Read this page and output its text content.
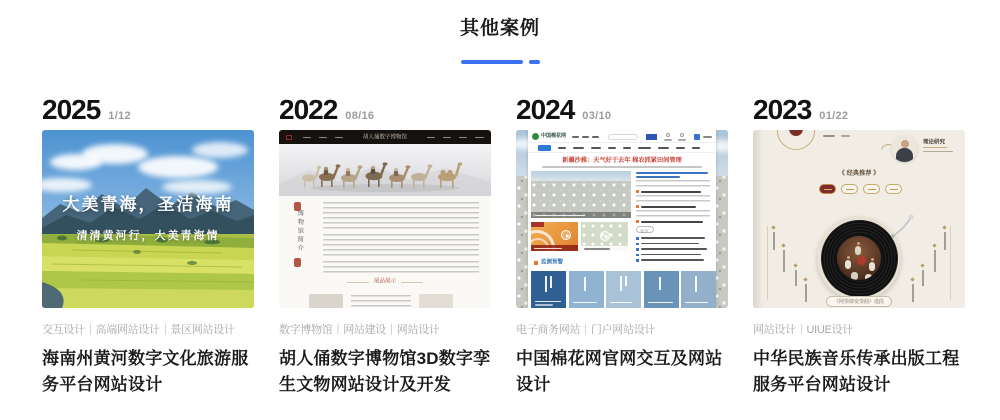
其他案例
2025 1/12
大美青海，圣洁海南
清清黄河行，大美青海情
交互设计｜高端网站设计｜景区网站设计
海南州黄河数字文化旅游服务平台网站设计
2022 08/16
胡人俑数字博物馆
博物馆简介
展品展示
数字博物馆｜网站建设｜网站设计
胡人俑数字博物馆3D数字孪生文物网站设计及开发
2024 03/10
中国棉花网
新疆沙雅：天气好于去年 棉农抓紧田间管理
更多
监测预警
电子商务网站｜门户网站设计
中国棉花网官网交互及网站设计
2023 01/22
理论研究
《 经典推荐 》
《阿里郎变奏曲》选段
网站设计｜UIUE设计
中华民族音乐传承出版工程服务平台网站设计
